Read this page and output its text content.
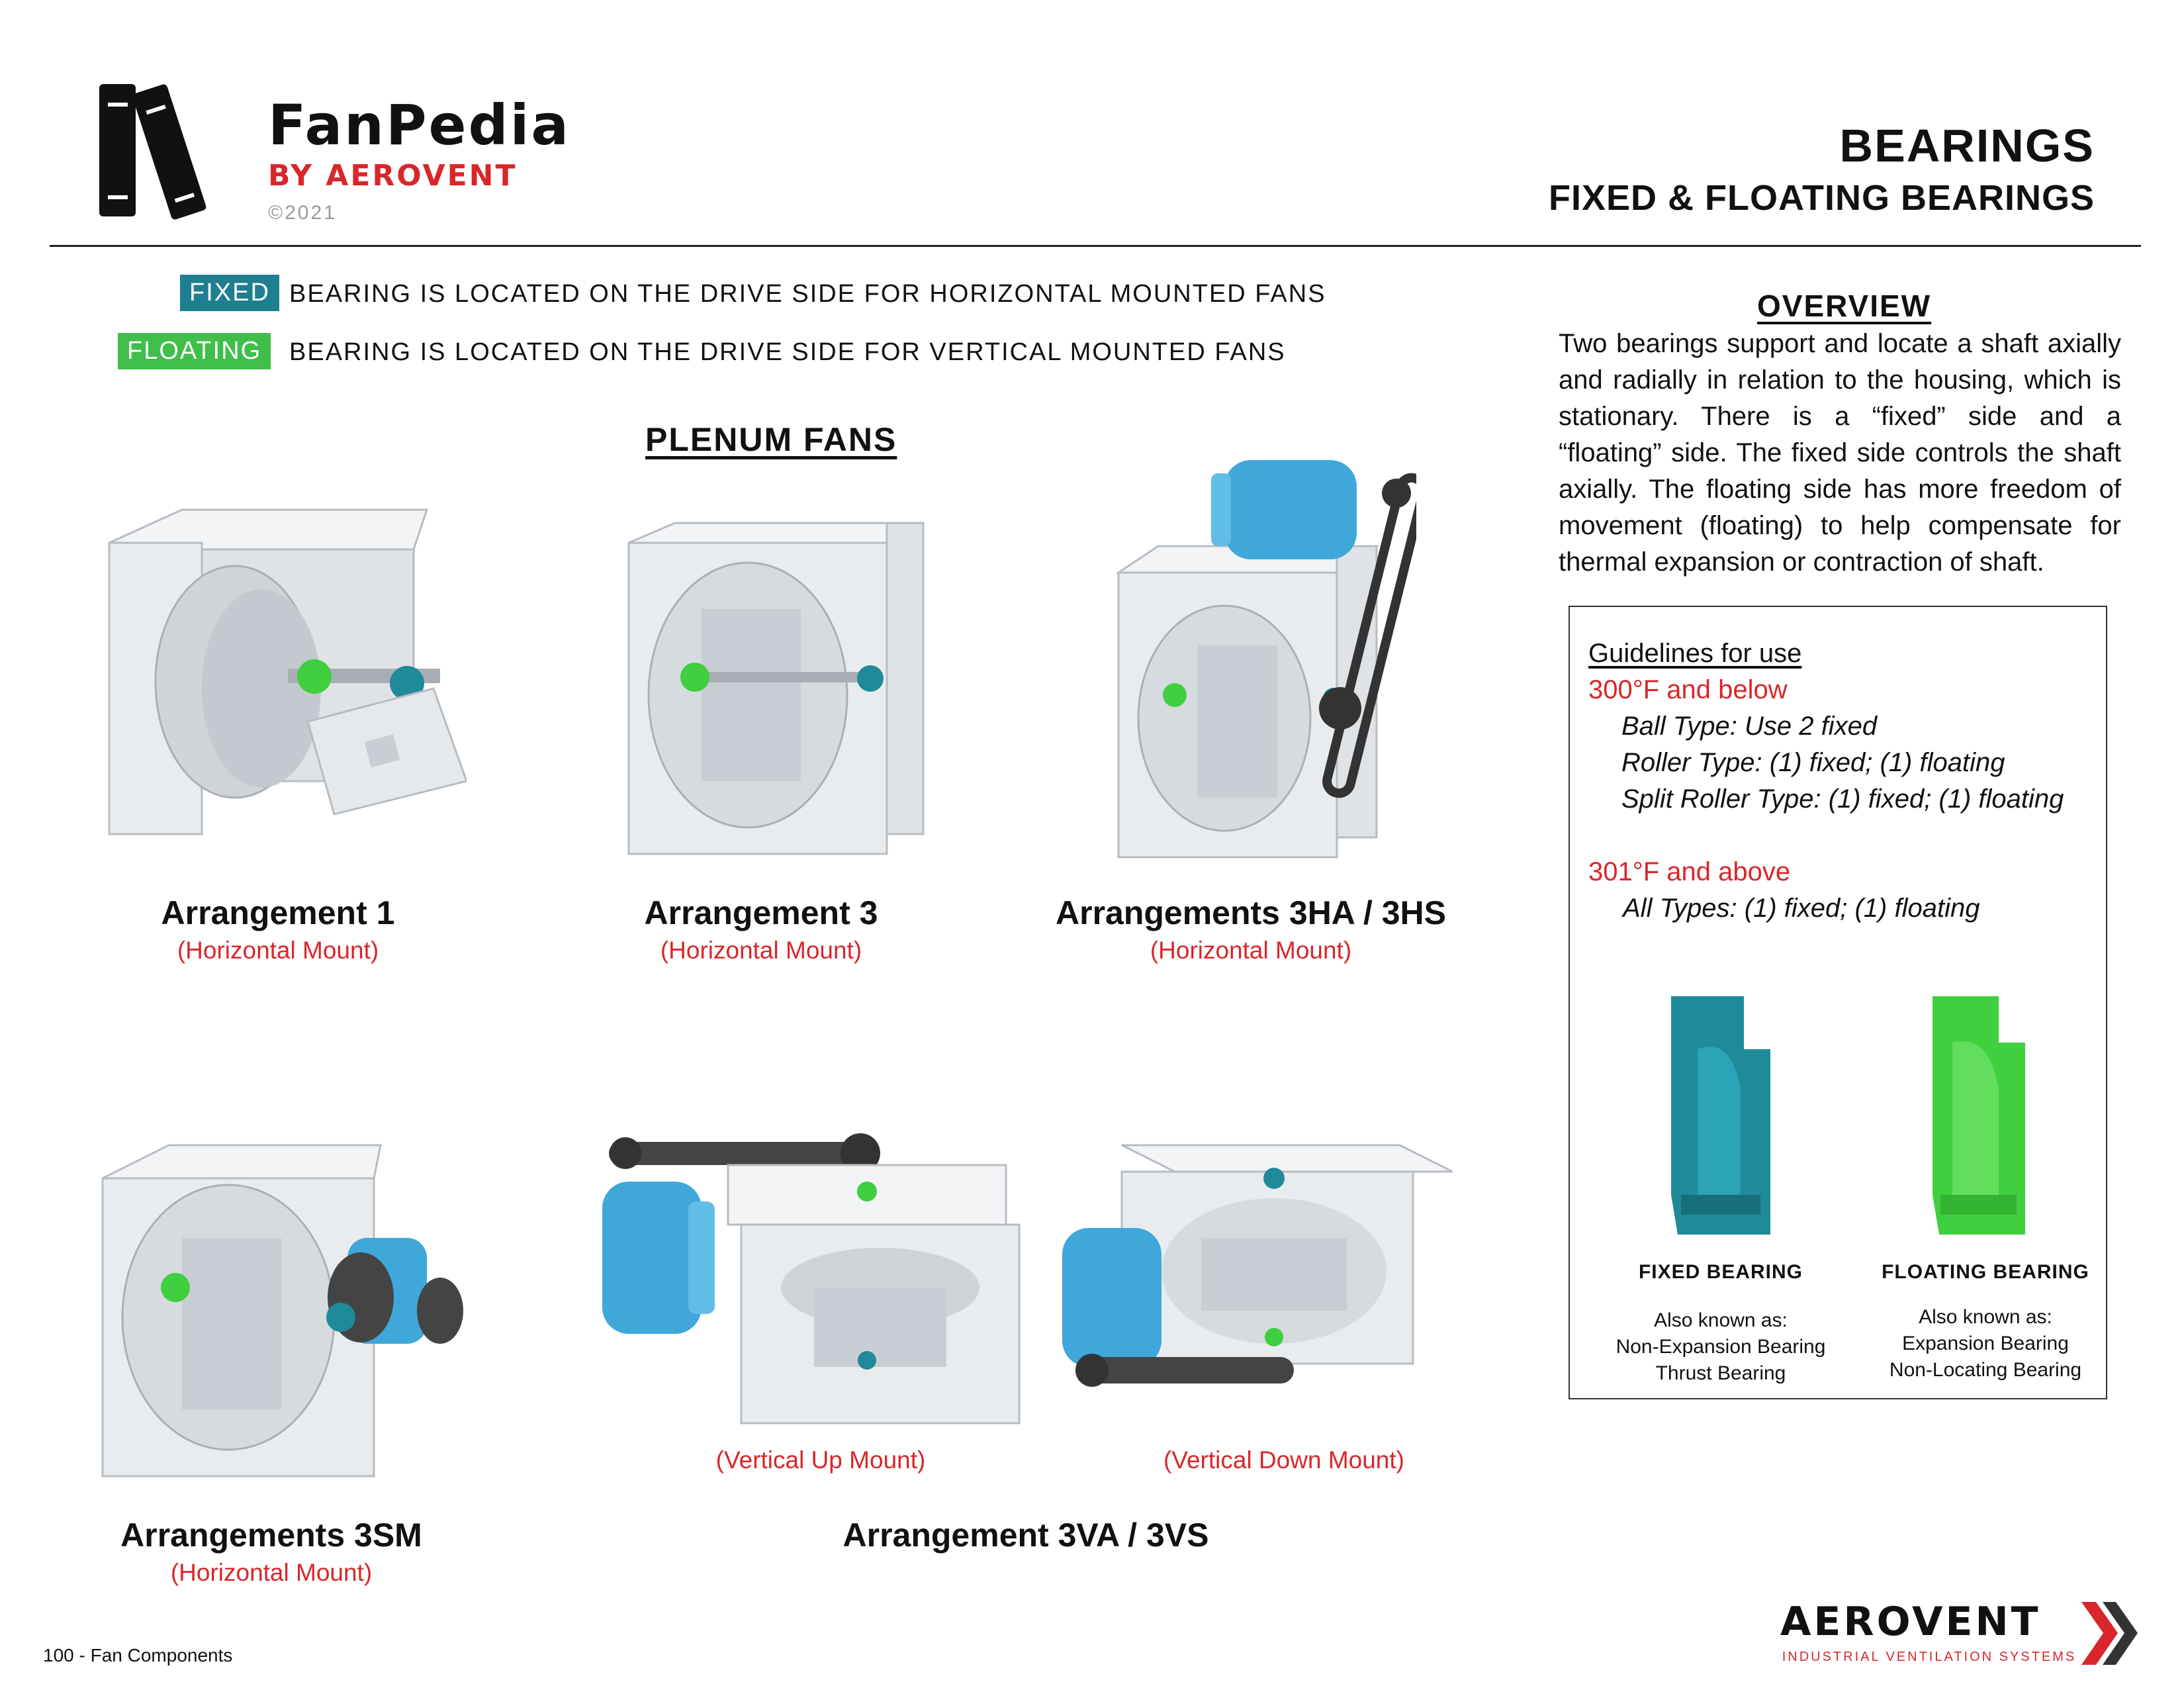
FanPedia
BY AEROVENT
©2021
BEARINGS
FIXED & FLOATING BEARINGS
FIXED BEARING IS LOCATED ON THE DRIVE SIDE FOR HORIZONTAL MOUNTED FANS
FLOATING	BEARING IS LOCATED ON THE DRIVE SIDE FOR VERTICAL MOUNTED FANS
PLENUM FANS
Arrangement 1
(Horizontal Mount)
Arrangement 3
(Horizontal Mount)
Arrangements 3HA / 3HS
(Horizontal Mount)
Arrangements 3SM
(Horizontal Mount)
(Vertical Up Mount)	(Vertical Down Mount)
Arrangement 3VA / 3VS
OVERVIEW

Two bearings support and locate a shaft axially and radially in relation to the housing, which is stationary. There is a “fixed” side and a “floating” side. The fixed side controls the shaft axially. The floating side has more freedom of movement (floating) to help compensate for thermal expansion or contraction of shaft.

Guidelines for use
300°F and below
Ball Type: Use 2 fixed
Roller Type: (1) fixed; (1) floating
Split Roller Type: (1) fixed; (1) floating
301°F and above
All Types: (1) fixed; (1) floating
FIXED BEARING
Also known as:
Non-Expansion Bearing
Thrust Bearing
FLOATING BEARING
Also known as:
Expansion Bearing
Non-Locating Bearing
100 - Fan Components
AEROVENT
INDUSTRIAL VENTILATION SYSTEMS
